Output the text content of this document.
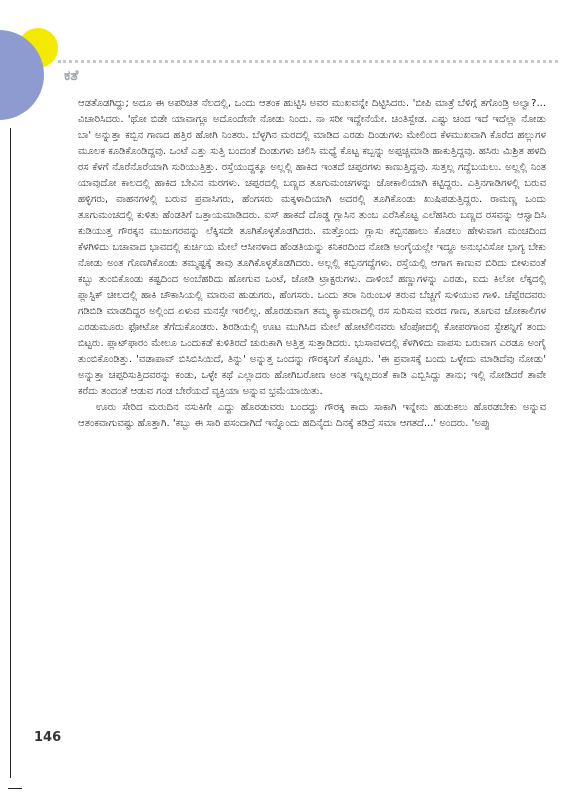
ಕತೆ

ಆಡತೊಡಗಿದ್ದು; ಅದೂ ಈ ಅಪರಿಚಿತ ನೆಲದಲ್ಲಿ, ಒಂದು ಆತಂಕ ಹುಟ್ಟಿಸಿ ಅವರ ಮುಖವನ್ನೇ ದಿಟ್ಟಿಸಿದರು. 'ಬೀಪಿ ಮಾತ್ರೆ ಬೆಳಿಗ್ಗೆ ತಗೊಂಡ್ರಿ ಅಲ್ವಾ?... ವಿಚಾರಿಸಿದರು. 'ಥೋ ಬಿಡೇ ಯಾವಾಗ್ಲೂ ಅದೊಂದೇನೇ ನೋಡು ನಿಂದು. ನಾ ಸರೀ ಇದ್ದೇನೆಯೇ. ಚಿಂತಿಸ್ಬೇಡ. ಎಷ್ಟು ಚಂದ ಇದೆ ಇದೆಲ್ಲಾ ನೋಡು ಬಾ' ಅನ್ನುತ್ತಾ ಕಬ್ಬಿನ ಗಾಣದ ಹತ್ತಿರ ಹೋಗಿ ನಿಂತರು. ಬೆಳ್ಳಗಿನ ಮರದಲ್ಲಿ ಮಾಡಿದ ಎರಡು ದಿಂಡುಗಳು ಮೇಲಿಂದ ಕೆಳಮುಖವಾಗಿ ಕೊರೆದ ಹಲ್ಲುಗಳ ಮೂಲಕ ಕೂಡಿಕೊಂಡಿದ್ದವು. ಒಂಟೆ ಎತ್ತು ಸುತ್ತಿ ಬಂದಂತೆ ದಿಂಡುಗಳು ಚಲಿಸಿ ಮಧ್ಯೆ ಕೊಟ್ಟ ಕಬ್ಬನ್ನು ಅಪ್ಪಚ್ಚಿಮಾಡಿ ಹಾಕುತ್ತಿದ್ದವು. ಹಸಿರು ಮಿಶ್ರಿತ ಹಳದಿ ರಸ ಕೆಳಗೆ ನೊರೆನೊರೆಯಾಗಿ ಸುರಿಯುತ್ತಿತ್ತು. ರಸ್ತೆಯುದ್ದಕ್ಕೂ ಅಲ್ಲಲ್ಲಿ ಹಾಕಿದ ಇಂತದೆ ಚಪ್ಪರಗಳು ಕಾಣುತ್ತಿದ್ದವು. ಸುತ್ತಲ್ಲ ಗದ್ದೆಬಯಲು. ಅಲ್ಲಲ್ಲಿ ನಿಂತ ಯಾವುದೋ ಕಾಲದಲ್ಲಿ ಹಾಕಿದ ಬೇವಿನ ಮರಗಳು. ಚಪ್ಪರದಲ್ಲಿ ಬಣ್ಣದ ತೂಗುಮಂಚಗಳನ್ನು ಜೋಕಾಲಿಯಾಗಿ ಕಟ್ಟಿದ್ದರು. ಎತ್ತಿನಗಾಡಿಗಳಲ್ಲಿ ಬರುವ ಹಳ್ಳಿಗರು, ವಾಹನಗಳಲ್ಲಿ ಬರುವ ಪ್ರವಾಸಿಗರು, ಹೆಂಗಸರು ಮಕ್ಕಳಾದಿಯಾಗಿ ಅದರಲ್ಲಿ ತೂಗಿಕೊಂಡು ಖುಷಿಪಡುತ್ತಿದ್ದರು. ರಾಮಣ್ಣ ಒಂದು ತೂಗುಮಂಚದಲ್ಲಿ ಕುಳಿತು ಹೆಂಡತಿಗೆ ಒತ್ತಾಯಮಾಡಿದರು. ಐಸ್ ಹಾಕದೆ ದೊಡ್ಡ ಗ್ಲಾಸಿನ ತುಂಬ ಎರೆಸಿಕೊಟ್ಟ ಎಲೆಹಸಿರು ಬಣ್ಣದ ರಸವನ್ನು ಆಸ್ವಾದಿಸಿ ಕುಡಿಯುತ್ತ ಗೌರಕ್ಕನ ಮುಜುಗರವನ್ನು ಲೆಕ್ಕಿಸದೇ ತೂಗಿಕೊಳ್ಳತೊಡಗಿದರು. ಮತ್ತೊಂದು ಗ್ಲಾಸು ಕಬ್ಬಿನಹಾಲು ಕೊಡಲು ಹೇಳುವಾಗ ಮಂಚದಿಂದ ಕೆಳಗಿಳಿದು ಬಚಾವಾದ ಭಾವದಲ್ಲಿ ಕುರ್ಚಿಯ ಮೇಲೆ ಆಸೀನಳಾದ ಹೆಂಡತಿಯನ್ನು ಕನಿಕರದಿಂದ ನೋಡಿ ಅಂಗೈಯಲ್ಲೇ ಇದ್ದೂ ಅನುಭವಿಸೋ ಭಾಗ್ಯ ಬೇಕು ನೋಡು ಅಂತ ಗೊಣಗಿಕೊಂಡು ತಮ್ಮಷ್ಟಕ್ಕೆ ತಾವು ತೂಗಿಕೊಳ್ಳತೊಡಗಿದರು. ಅಲ್ಲಲ್ಲಿ ಕಬ್ಬಿನಗದ್ದೆಗಳು. ರಸ್ತೆಯಲ್ಲಿ ಆಗಾಗ ಕಾಣುವ ಬಿರಿದು ಬೀಳುವಂತೆ ಕಬ್ಬು ತುಂಬಿಕೊಂಡು ಕಷ್ಟದಿಂದ ಅಂಬೆಹರಿದು ಹೋಗುವ ಒಂಟೆ, ಜೋಡಿ ಟ್ರಾಕ್ಟರುಗಳು. ದಾಳಿಂಬೆ ಹಣ್ಣುಗಳನ್ನು ಎರಡು, ಐದು ಕಿಲೋ ಲೆಕ್ಕದಲ್ಲಿ ಪ್ಲಾಸ್ಟಿಕ್ ಚೀಲದಲ್ಲಿ ಹಾಕಿ ಚೌಕಾಸಿಯಲ್ಲಿ ಮಾರುವ ಹುಡುಗರು, ಹೆಂಗಸರು. ಒಂದು ತರಾ ನಿರುಂಬಳ ತರುವ ಬೆಚ್ಚಗೆ ಸುಳಿಯುವ ಗಾಳಿ. ಚೆಪ್ಪೆರದವರು ಗಡಿಬಿಡಿ ಮಾಡದಿದ್ದರ ಅಲ್ಲಿಂದ ಏಳುವ ಮನಸ್ಸೇ ಇರಲಿಲ್ಲ. ಹೊರಡುವಾಗ ತಮ್ಮ ಕ್ಯಾಮರಾದಲ್ಲಿ ರಸ ಸುರಿಸುವ ಮರದ ಗಾಣ, ತೂಗುವ ಜೋಕಾಲಿಗಳ ಎರಡುಮೂರು ಫೋಟೋ ತೆಗೆದುಕೊಂಡರು. ಶಿರಡಿಯಲ್ಲಿ ಊಟ ಮುಗಿಸಿದ ಮೇಲೆ ಹೋಟೆಲಿನವರು ಟೆಂಪೋದಲ್ಲಿ ಕೋಪರಗಾಂವ ಸ್ಟೇಶನ್ನಿಗೆ ತಂದು ಬಿಟ್ಟರು. ಪ್ಲಾಟ್‌ಫಾರಂ ಮೇಲೂ ಒಂದುಕಡೆ ಕುಳಿತಿರದೆ ಚುರುಕಾಗಿ ಅತ್ತಿತ್ತ ಸುತ್ತಾಡಿದರು. ಭುಸಾವಳದಲ್ಲಿ ಕೆಳಗಿಳಿದು ವಾಪಸು ಬರುವಾಗ ಎರಡೂ ಅಂಗೈ ತುಂಬಿಕೊಂಡಿತ್ತು. 'ವಡಾಪಾವ್ ಬಿಸಿಬಿಸಿಯಿದೆ, ತಿನ್ನು' ಅನ್ನುತ್ತ ಒಂದನ್ನು ಗೌರಕ್ಕನಿಗೆ ಕೊಟ್ಟರು. 'ಈ ಪ್ರವಾಸಕ್ಕೆ ಬಂದು ಒಳ್ಳೇದು ಮಾಡಿದೆವು ನೋಡು' ಅನ್ನುತ್ತಾ ಚಪ್ಪರಿಸುತ್ತಿದವರನ್ನು ಕಂಡು, ಒಳ್ಳೇ ಕಥೆ ಎಲ್ಲಾದರು ಹೋಗಿಬರೋಣ ಅಂತ ಇನ್ನಿಲ್ಲದಂತೆ ಕಾಡಿ ಎಬ್ಬಿಸಿದ್ದು ತಾನು; ಇಲ್ಲಿ ನೋಡಿದರೆ ತಾವೇ ಕರೆದು ತಂದಂತೆ ಆಡುವ ಗಂಡ ಬೇರೆಯದೆ ವ್ಯಕ್ತಿಯಾ ಅನ್ನುವ ಭ್ರಮೆಯಾಯಿತು.

ಊರು ಸೇರಿದ ಮರುದಿನ ನಸುಕಿಗೇ ಎದ್ದು ಹೊರಡುವರು ಬಂದದ್ದು ಗೌರಕ್ಕ ಕಾದು ಸಾಕಾಗಿ ಇನ್ನೇನು ಹುಡುಕಲು ಹೊರಡಬೇಕು ಅನ್ನುವ ಆತಂಕವಾಗುವಷ್ಟು ಹೊತ್ತಾಗಿ. 'ಕಬ್ಬು ಈ ಸಾರಿ ಪಸಂದಾಗಿದೆ ಇನ್ನೊಂದು ಹದಿನೈದು ದಿನಕ್ಕೆ ಕಡಿದ್ರೆ ಸಮಾ ಆಗತದೆ...' ಅಂದರು. 'ಅಪ್ಪು

146
